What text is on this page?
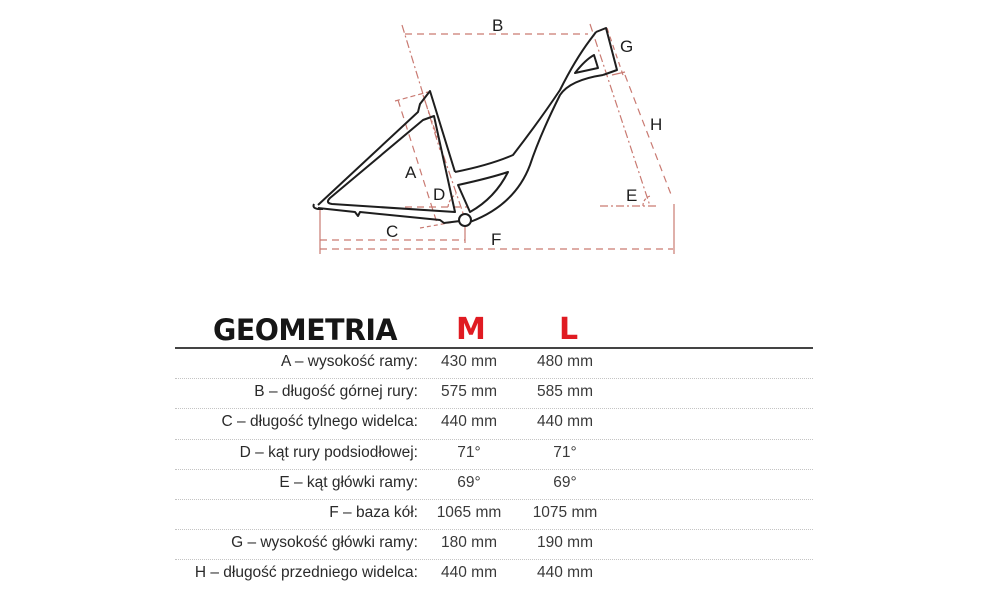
B
G
H
A
D	E
C	F
GEOMETRIA M L
A – wysokość ramy:	430 mm	480 mm
B – długość górnej rury:	575 mm	585 mm
C – długość tylnego widelca:	440 mm	440 mm
D – kąt rury podsiodłowej:	71°	71°
E – kąt główki ramy:	69°	69°
F – baza kół:	1065 mm	1075 mm
G – wysokość główki ramy:	180 mm	190 mm
H – długość przedniego widelca:	440 mm	440 mm
